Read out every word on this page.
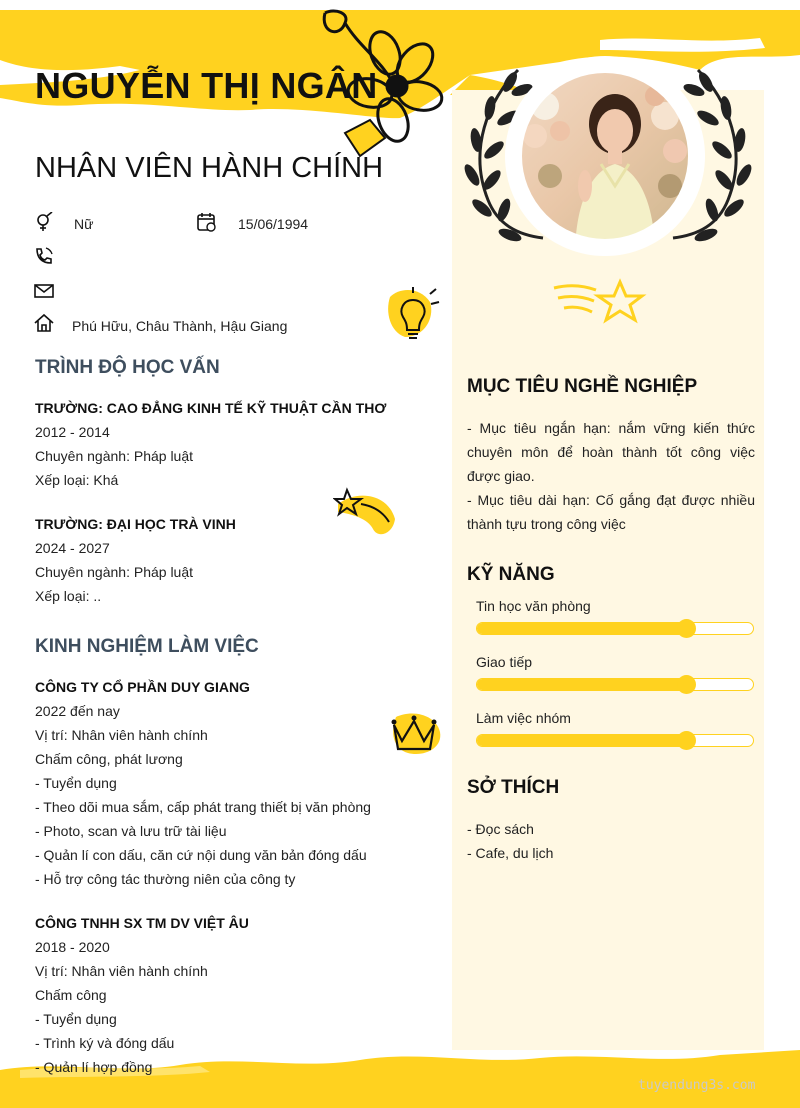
NGUYỄN THỊ NGÂN
NHÂN VIÊN HÀNH CHÍNH
Nữ	15/06/1994
Phú Hữu, Châu Thành, Hậu Giang
TRÌNH ĐỘ HỌC VẤN
TRƯỜNG: CAO ĐẲNG KINH TẾ KỸ THUẬT CẦN THƠ
2012 - 2014
Chuyên ngành: Pháp luật
Xếp loại: Khá
TRƯỜNG: ĐẠI HỌC TRÀ VINH
2024 - 2027
Chuyên ngành: Pháp luật
Xếp loại: ..
KINH NGHIỆM LÀM VIỆC
CÔNG TY CỔ PHẦN DUY GIANG
2022 đến nay
Vị trí: Nhân viên hành chính
Chấm công, phát lương
- Tuyển dụng
- Theo dõi mua sắm, cấp phát trang thiết bị văn phòng
- Photo, scan và lưu trữ tài liệu
- Quản lí con dấu, căn cứ nội dung văn bản đóng dấu
- Hỗ trợ công tác thường niên của công ty
CÔNG TNHH SX TM DV VIỆT ÂU
2018 - 2020
Vị trí: Nhân viên hành chính
Chấm công
- Tuyển dụng
- Trình ký và đóng dấu
- Quản lí hợp đồng
MỤC TIÊU NGHỀ NGHIỆP
- Mục tiêu ngắn hạn: nắm vững kiến thức chuyên môn để hoàn thành tốt công việc được giao.
- Mục tiêu dài hạn: Cố gắng đạt được nhiều thành tựu trong công việc
KỸ NĂNG
Tin học văn phòng
Giao tiếp
Làm việc nhóm
SỞ THÍCH
- Đọc sách
- Cafe, du lịch
tuyendung3s.com
